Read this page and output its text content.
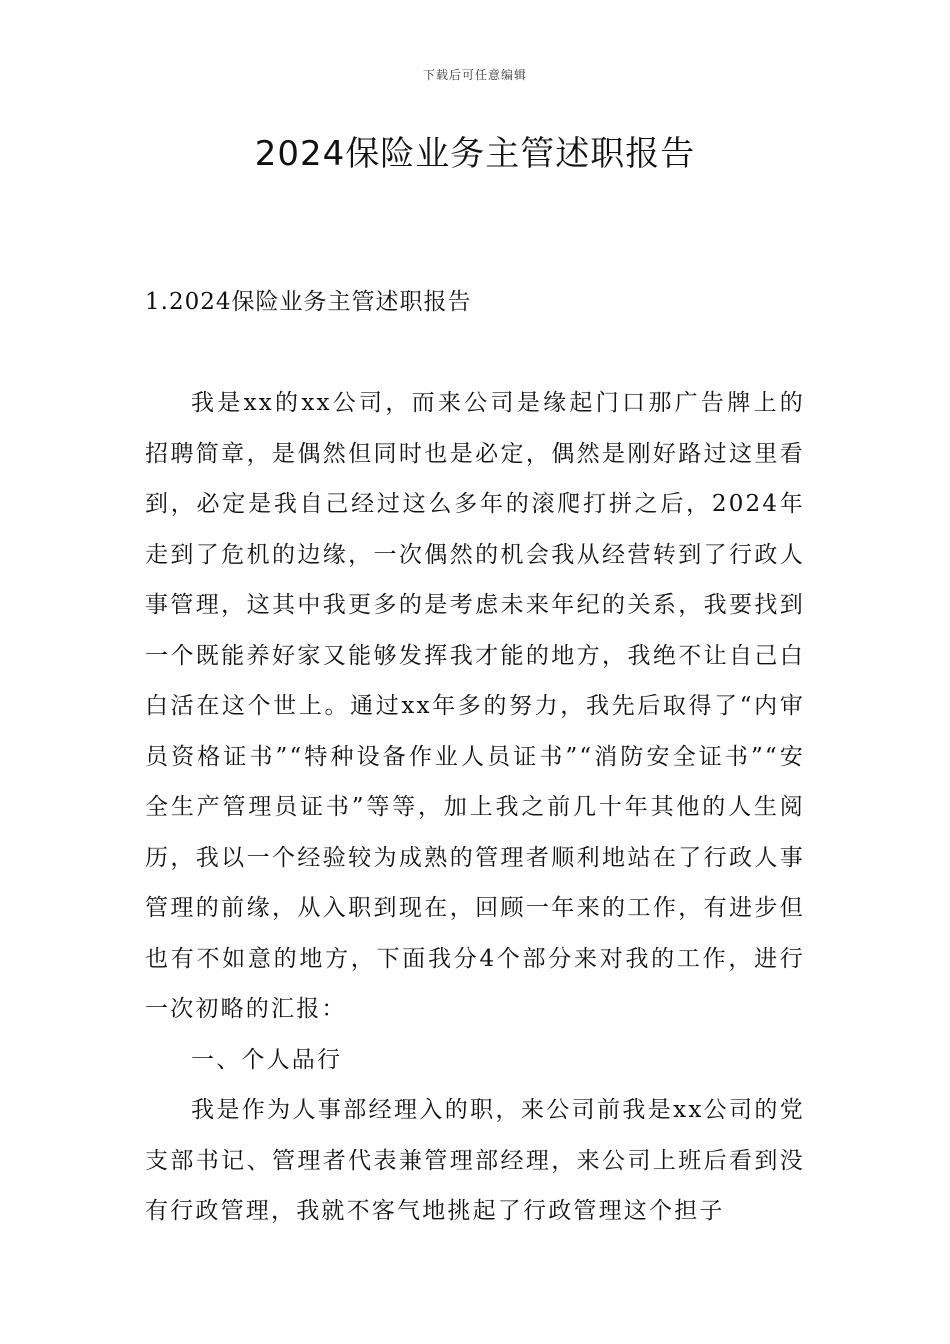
下载后可任意编辑
2024保险业务主管述职报告
1.2024保险业务主管述职报告

我是xx的xx公司，而来公司是缘起门口那广告牌上的招聘简章，是偶然但同时也是必定，偶然是刚好路过这里看到，必定是我自己经过这么多年的滚爬打拼之后，2024年走到了危机的边缘，一次偶然的机会我从经营转到了行政人事管理，这其中我更多的是考虑未来年纪的关系，我要找到一个既能养好家又能够发挥我才能的地方，我绝不让自己白白活在这个世上。通过xx年多的努力，我先后取得了“内审员资格证书”“特种设备作业人员证书”“消防安全证书”“安全生产管理员证书”等等，加上我之前几十年其他的人生阅历，我以一个经验较为成熟的管理者顺利地站在了行政人事管理的前缘，从入职到现在，回顾一年来的工作，有进步但也有不如意的地方，下面我分4个部分来对我的工作，进行一次初略的汇报：

一、个人品行

我是作为人事部经理入的职，来公司前我是xx公司的党支部书记、管理者代表兼管理部经理，来公司上班后看到没有行政管理，我就不客气地挑起了行政管理这个担子
